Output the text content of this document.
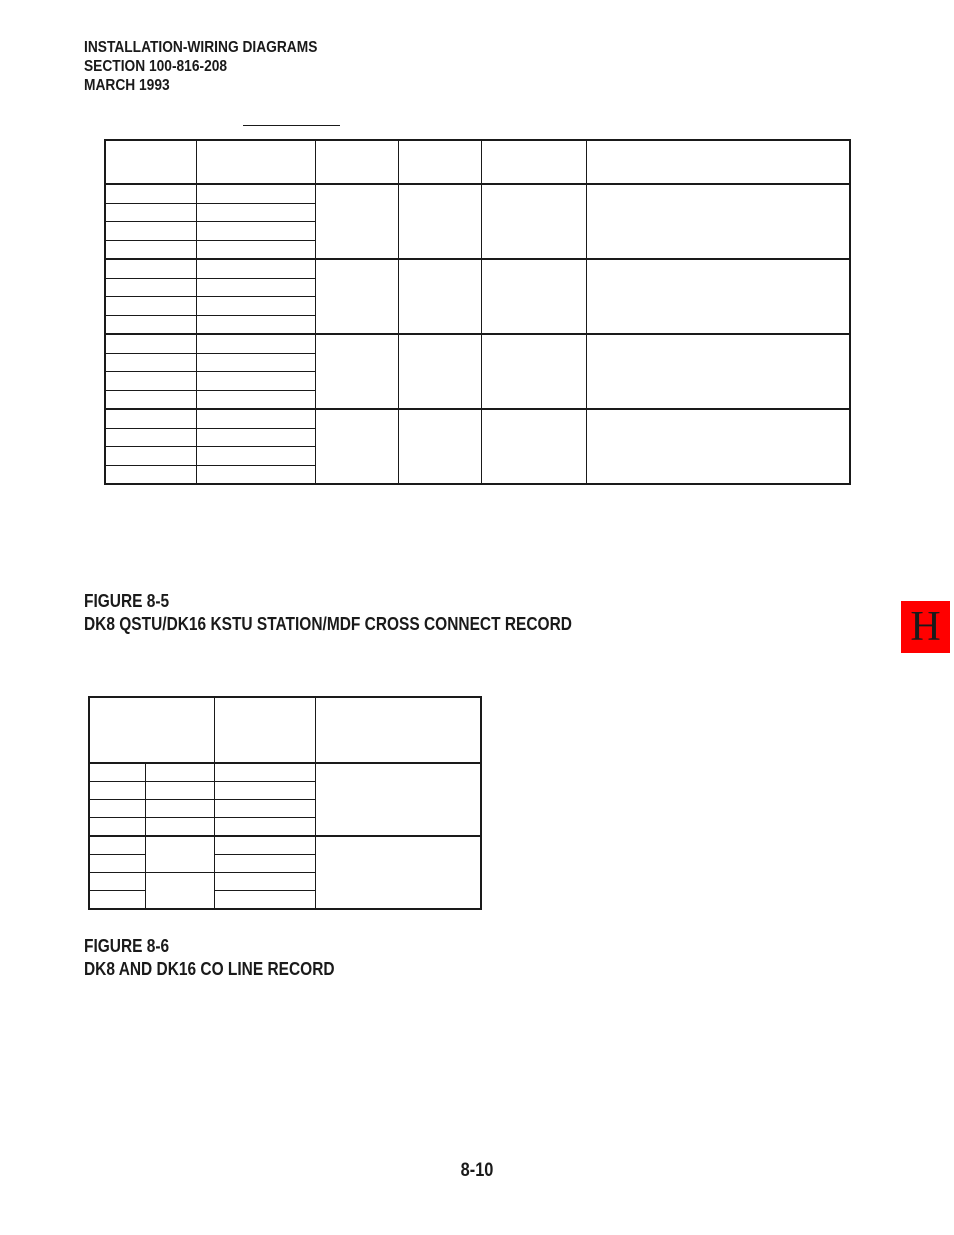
INSTALLATION-WIRING DIAGRAMS
SECTION 100-816-208
MARCH 1993

FIGURE 8-5
DK8 QSTU/DK16 KSTU STATION/MDF CROSS CONNECT RECORD	H

FIGURE 8-6
DK8 AND DK16 CO LINE RECORD
8-10
